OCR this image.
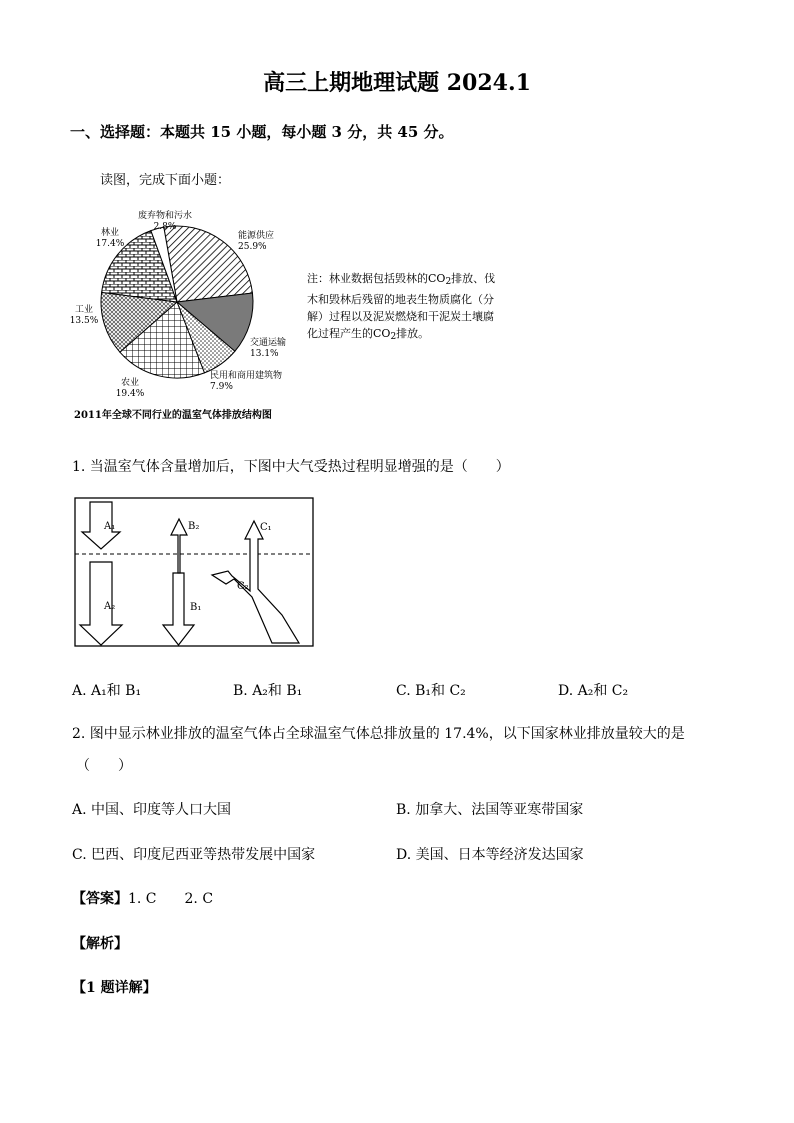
高三上期地理试题 2024.1
一、选择题：本题共 15 小题，每小题 3 分，共 45 分。
读图，完成下面小题：
能源供应
25.9%
交通运输
13.1%
民用和商用建筑物
7.9%
农业
19.4%
工业
13.5%
林业
17.4%
废弃物和污水
2.8%
2011年全球不同行业的温室气体排放结构图
注：林业数据包括毁林的$CO_2$排放、伐木和毁林后残留的地表生物质腐化（分解）过程以及泥炭燃烧和干泥炭土壤腐化过程产生的$CO_2$排放。
1. 当温室气体含量增加后，下图中大气受热过程明显增强的是（　　）
A₁
A₂	B₁
B₂	C₁
C₂
A. A₁和 B₁	B. A₂和 B₁	C. B₁和 C₂	D. A₂和 C₂
2. 图中显示林业排放的温室气体占全球温室气体总排放量的 17.4%，以下国家林业排放量较大的是
（　　）
A. 中国、印度等人口大国	B. 加拿大、法国等亚寒带国家
C. 巴西、印度尼西亚等热带发展中国家	D. 美国、日本等经济发达国家
【答案】1. C　　2. C
【解析】
【1 题详解】
